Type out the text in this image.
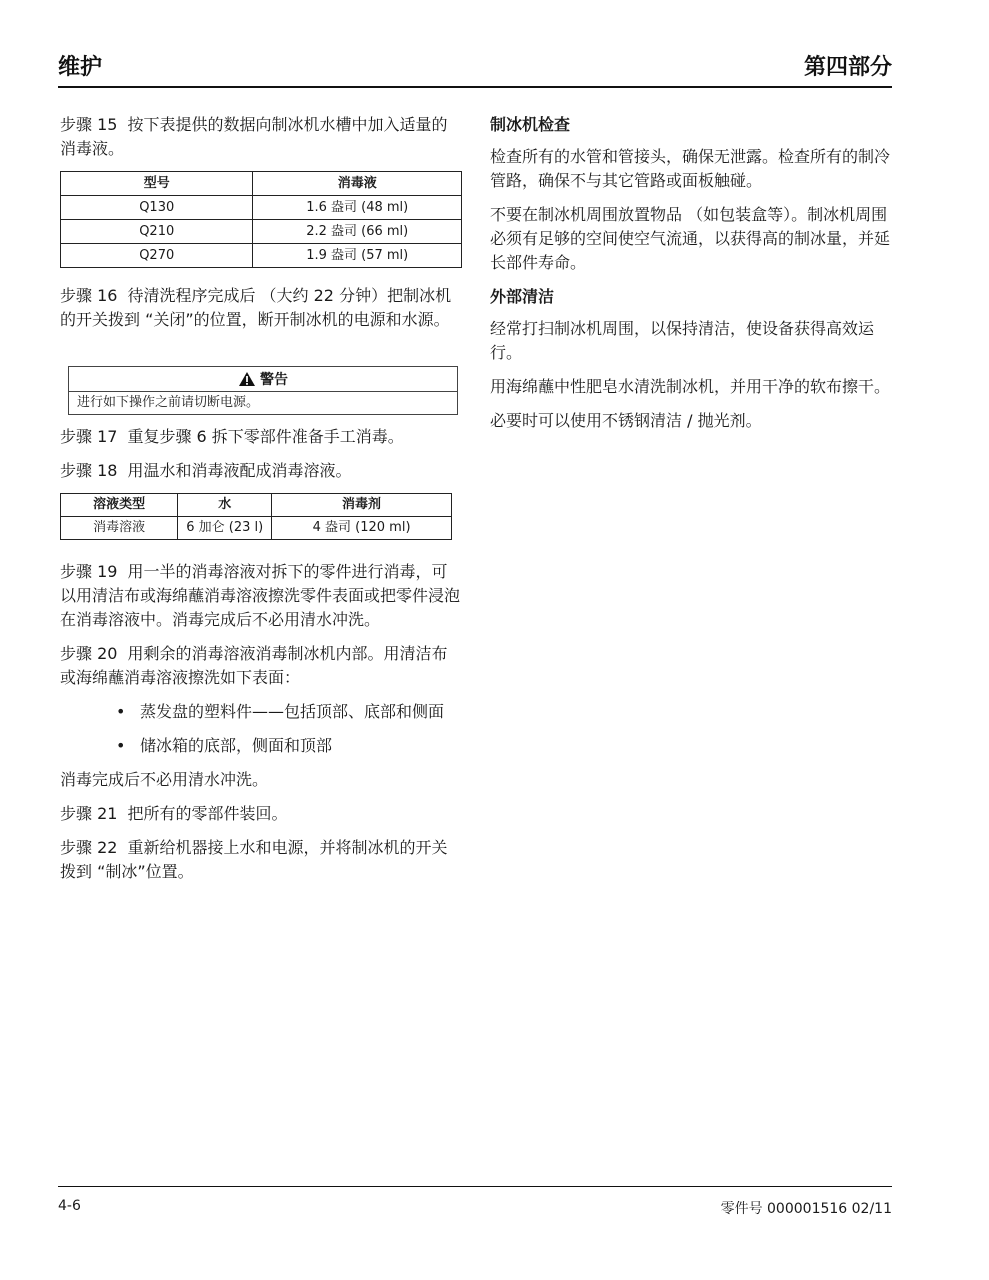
维护	第四部分

步骤 15 按下表提供的数据向制冰机水槽中加入适量的消毒液。

型号	消毒液
Q130	1.6 盎司 (48 ml)
Q210	2.2 盎司 (66 ml)
Q270	1.9 盎司 (57 ml)

步骤 16 待清洗程序完成后 （大约 22 分钟）把制冰机的开关拨到 “关闭”的位置，断开制冰机的电源和水源。

警告
进行如下操作之前请切断电源。

步骤 17 重复步骤 6 拆下零部件准备手工消毒。

步骤 18 用温水和消毒液配成消毒溶液。

溶液类型	水	消毒剂
消毒溶液	6 加仑 (23 l)	4 盎司 (120 ml)

步骤 19 用一半的消毒溶液对拆下的零件进行消毒，可以用清洁布或海绵蘸消毒溶液擦洗零件表面或把零件浸泡在消毒溶液中。消毒完成后不必用清水冲洗。

步骤 20 用剩余的消毒溶液消毒制冰机内部。用清洁布或海绵蘸消毒溶液擦洗如下表面：

• 蒸发盘的塑料件——包括顶部、底部和侧面
• 储冰箱的底部，侧面和顶部

消毒完成后不必用清水冲洗。

步骤 21 把所有的零部件装回。

步骤 22 重新给机器接上水和电源，并将制冰机的开关拨到 “制冰”位置。

制冰机检查

检查所有的水管和管接头，确保无泄露。检查所有的制冷管路，确保不与其它管路或面板触碰。

不要在制冰机周围放置物品 （如包装盒等）。制冰机周围必须有足够的空间使空气流通，以获得高的制冰量，并延长部件寿命。

外部清洁

经常打扫制冰机周围，以保持清洁，使设备获得高效运行。

用海绵蘸中性肥皂水清洗制冰机，并用干净的软布擦干。

必要时可以使用不锈钢清洁 / 抛光剂。

4-6	零件号 000001516 02/11
